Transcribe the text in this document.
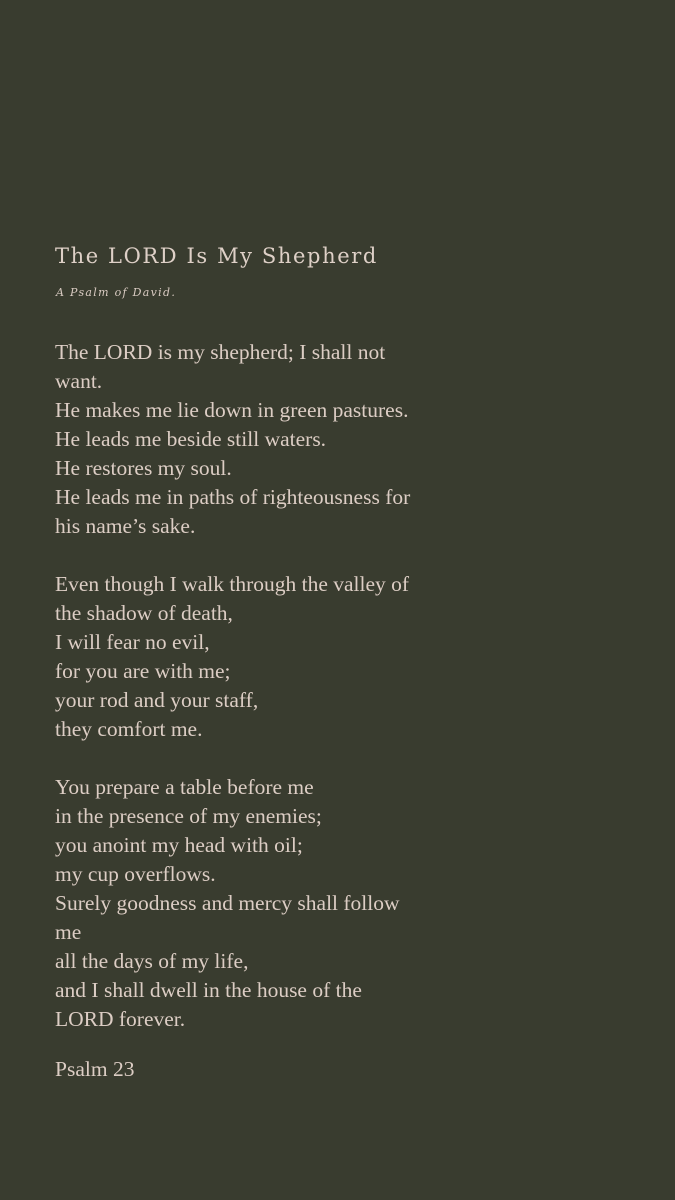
The LORD Is My Shepherd

A Psalm of David.

The LORD is my shepherd; I shall not
want.
He makes me lie down in green pastures.
He leads me beside still waters.
He restores my soul.
He leads me in paths of righteousness for
his name’s sake.
Even though I walk through the valley of
the shadow of death,
I will fear no evil,
for you are with me;
your rod and your staff,
they comfort me.
You prepare a table before me
in the presence of my enemies;
you anoint my head with oil;
my cup overflows.
Surely goodness and mercy shall follow
me
all the days of my life,
and I shall dwell in the house of the
LORD forever.

Psalm 23
